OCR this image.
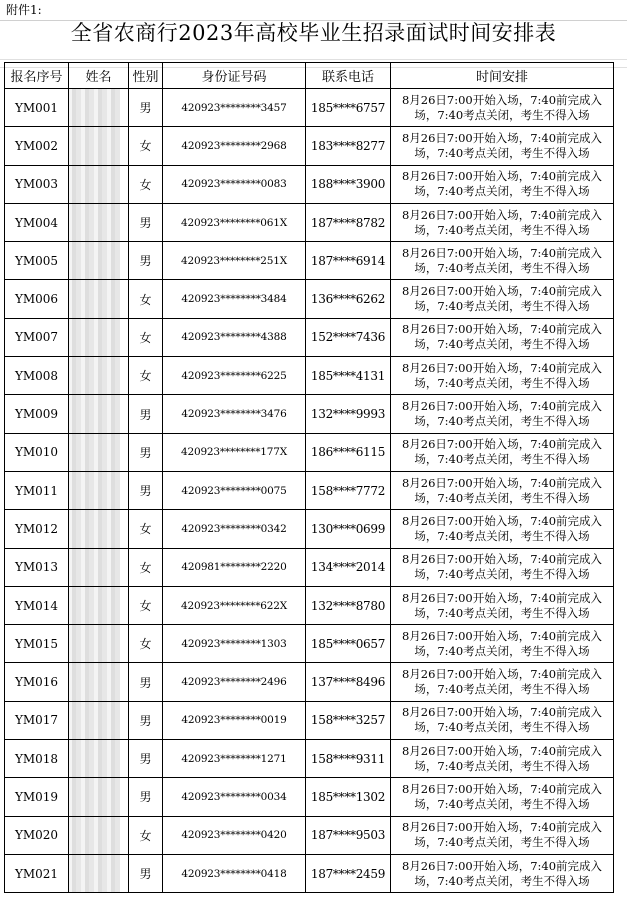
附件1:
全省农商行2023年高校毕业生招录面试时间安排表
报名序号	姓名	性别	身份证号码	联系电话	时间安排
YM001		男	420923********3457	185****6757	8月26日7:00开始入场，7:40前完成入场，7:40考点关闭，考生不得入场
YM002		女	420923********2968	183****8277	8月26日7:00开始入场，7:40前完成入场，7:40考点关闭，考生不得入场
YM003		女	420923********0083	188****3900	8月26日7:00开始入场，7:40前完成入场，7:40考点关闭，考生不得入场
YM004		男	420923********061X	187****8782	8月26日7:00开始入场，7:40前完成入场，7:40考点关闭，考生不得入场
YM005		男	420923********251X	187****6914	8月26日7:00开始入场，7:40前完成入场，7:40考点关闭，考生不得入场
YM006		女	420923********3484	136****6262	8月26日7:00开始入场，7:40前完成入场，7:40考点关闭，考生不得入场
YM007		女	420923********4388	152****7436	8月26日7:00开始入场，7:40前完成入场，7:40考点关闭，考生不得入场
YM008		女	420923********6225	185****4131	8月26日7:00开始入场，7:40前完成入场，7:40考点关闭，考生不得入场
YM009		男	420923********3476	132****9993	8月26日7:00开始入场，7:40前完成入场，7:40考点关闭，考生不得入场
YM010		男	420923********177X	186****6115	8月26日7:00开始入场，7:40前完成入场，7:40考点关闭，考生不得入场
YM011		男	420923********0075	158****7772	8月26日7:00开始入场，7:40前完成入场，7:40考点关闭，考生不得入场
YM012		女	420923********0342	130****0699	8月26日7:00开始入场，7:40前完成入场，7:40考点关闭，考生不得入场
YM013		女	420981********2220	134****2014	8月26日7:00开始入场，7:40前完成入场，7:40考点关闭，考生不得入场
YM014		女	420923********622X	132****8780	8月26日7:00开始入场，7:40前完成入场，7:40考点关闭，考生不得入场
YM015		女	420923********1303	185****0657	8月26日7:00开始入场，7:40前完成入场，7:40考点关闭，考生不得入场
YM016		男	420923********2496	137****8496	8月26日7:00开始入场，7:40前完成入场，7:40考点关闭，考生不得入场
YM017		男	420923********0019	158****3257	8月26日7:00开始入场，7:40前完成入场，7:40考点关闭，考生不得入场
YM018		男	420923********1271	158****9311	8月26日7:00开始入场，7:40前完成入场，7:40考点关闭，考生不得入场
YM019		男	420923********0034	185****1302	8月26日7:00开始入场，7:40前完成入场，7:40考点关闭，考生不得入场
YM020		女	420923********0420	187****9503	8月26日7:00开始入场，7:40前完成入场，7:40考点关闭，考生不得入场
YM021		男	420923********0418	187****2459	8月26日7:00开始入场，7:40前完成入场，7:40考点关闭，考生不得入场
